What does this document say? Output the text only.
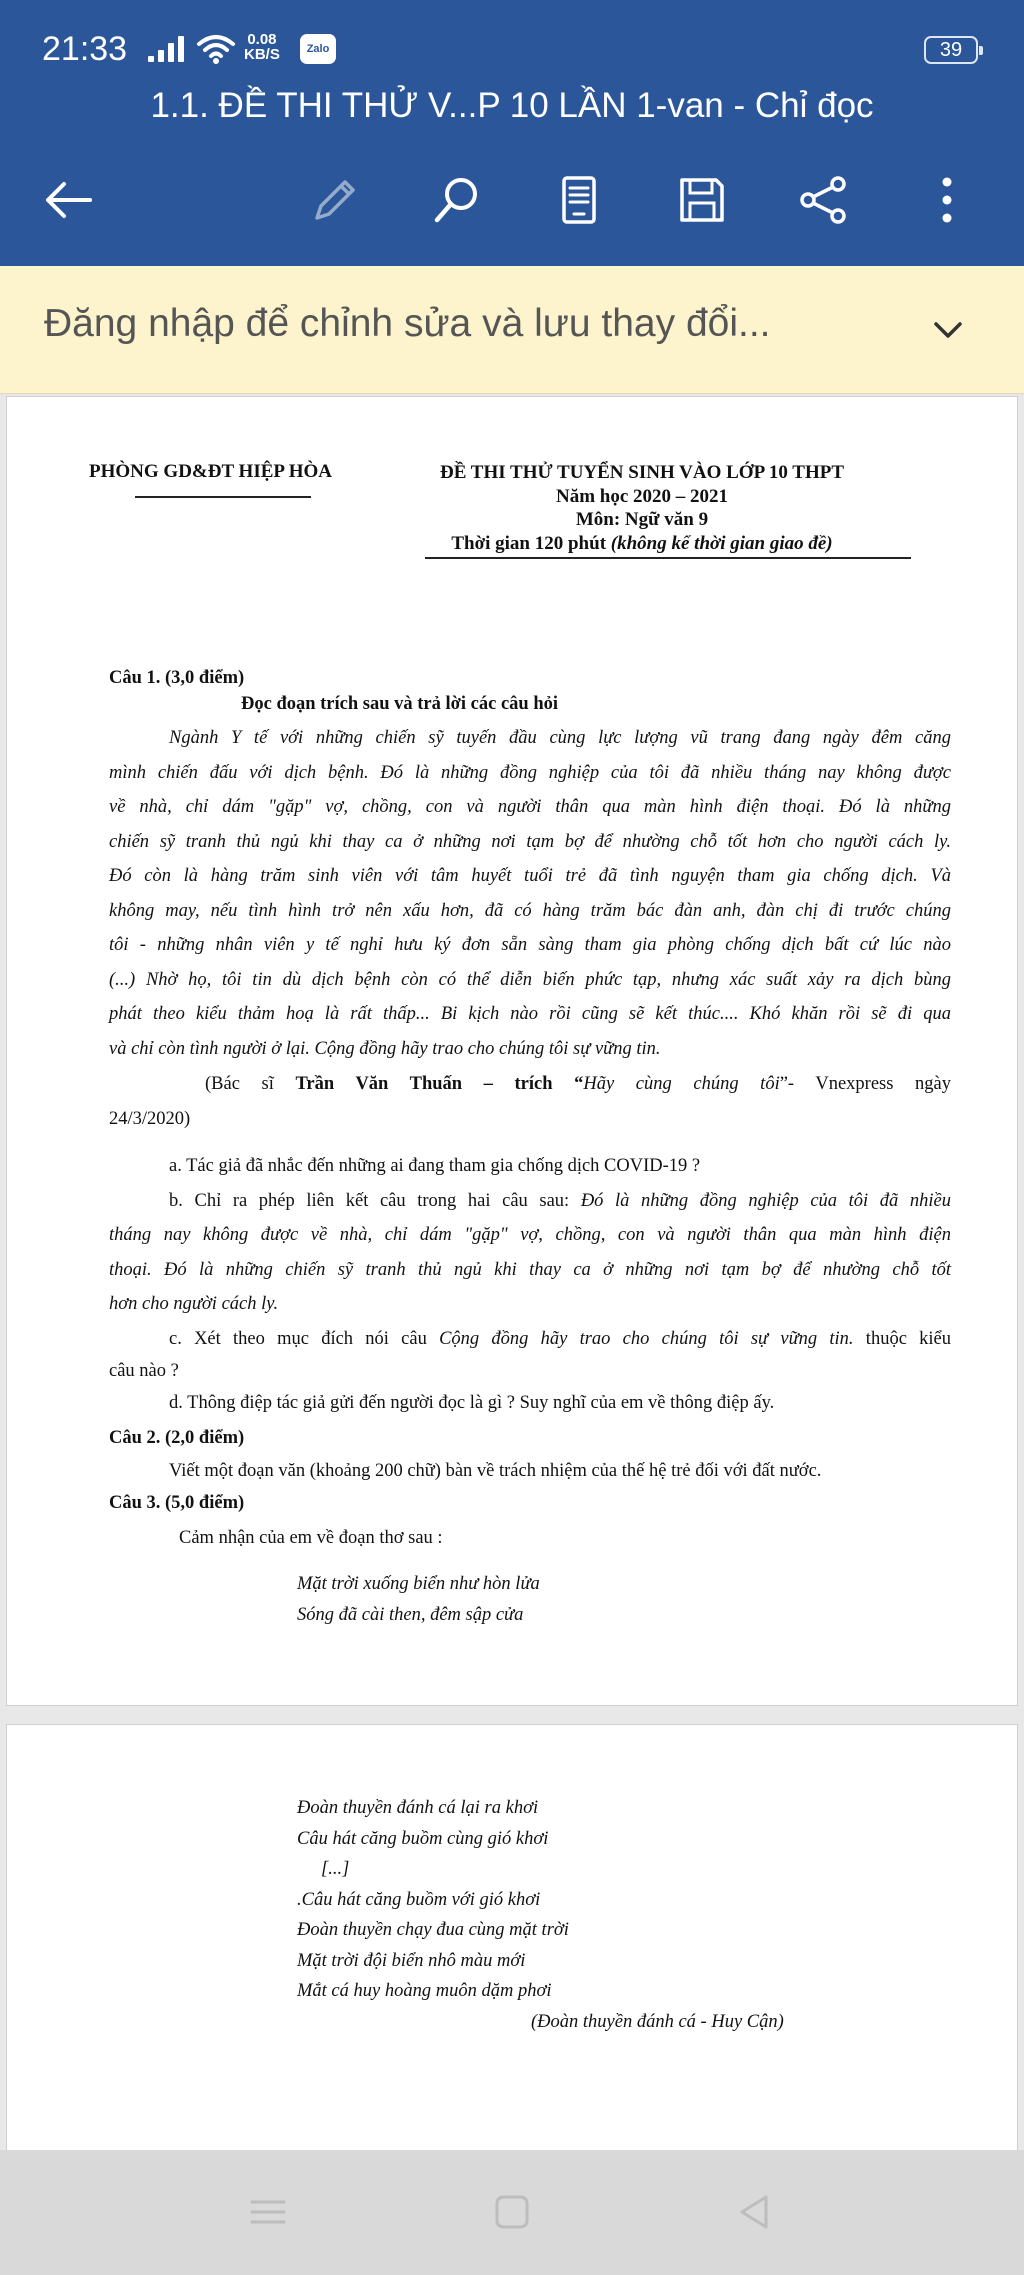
21:33	0.08
KB/S	Zalo	39
1.1. ĐỀ THI THỬ V...P 10 LẦN 1-van - Chỉ đọc
Đăng nhập để chỉnh sửa và lưu thay đổi...
PHÒNG GD&ĐT HIỆP HÒA	ĐỀ THI THỬ TUYỂN SINH VÀO LỚP 10 THPT
Năm học 2020 – 2021
Môn: Ngữ văn 9
Thời gian 120 phút (không kể thời gian giao đề)

Câu 1. (3,0 điểm)

Đọc đoạn trích sau và trả lời các câu hỏi

Ngành Y tế với những chiến sỹ tuyến đầu cùng lực lượng vũ trang đang ngày đêm căng

mình chiến đấu với dịch bệnh. Đó là những đồng nghiệp của tôi đã nhiều tháng nay không được

về nhà, chỉ dám "gặp" vợ, chồng, con và người thân qua màn hình điện thoại. Đó là những

chiến sỹ tranh thủ ngủ khi thay ca ở những nơi tạm bợ để nhường chỗ tốt hơn cho người cách ly.

Đó còn là hàng trăm sinh viên với tâm huyết tuổi trẻ đã tình nguyện tham gia chống dịch. Và

không may, nếu tình hình trở nên xấu hơn, đã có hàng trăm bác đàn anh, đàn chị đi trước chúng

tôi - những nhân viên y tế nghỉ hưu ký đơn sẵn sàng tham gia phòng chống dịch bất cứ lúc nào

(...) Nhờ họ, tôi tin dù dịch bệnh còn có thể diễn biến phức tạp, nhưng xác suất xảy ra dịch bùng

phát theo kiểu thảm hoạ là rất thấp... Bi kịch nào rồi cũng sẽ kết thúc.... Khó khăn rồi sẽ đi qua

và chỉ còn tình người ở lại. Cộng đồng hãy trao cho chúng tôi sự vững tin.

(Bác sĩ Trần Văn Thuấn – trích “Hãy cùng chúng tôi”- Vnexpress ngày

24/3/2020)

a. Tác giả đã nhắc đến những ai đang tham gia chống dịch COVID-19 ?

b. Chỉ ra phép liên kết câu trong hai câu sau: Đó là những đồng nghiệp của tôi đã nhiều

tháng nay không được về nhà, chỉ dám "gặp" vợ, chồng, con và người thân qua màn hình điện

thoại. Đó là những chiến sỹ tranh thủ ngủ khi thay ca ở những nơi tạm bợ để nhường chỗ tốt

hơn cho người cách ly.

c. Xét theo mục đích nói câu Cộng đồng hãy trao cho chúng tôi sự vững tin. thuộc kiểu

câu nào ?

d. Thông điệp tác giả gửi đến người đọc là gì ? Suy nghĩ của em về thông điệp ấy.

Câu 2. (2,0 điểm)

Viết một đoạn văn (khoảng 200 chữ) bàn về trách nhiệm của thế hệ trẻ đối với đất nước.

Câu 3. (5,0 điểm)

Cảm nhận của em về đoạn thơ sau :

Mặt trời xuống biển như hòn lửa
Sóng đã cài then, đêm sập cửa
Đoàn thuyền đánh cá lại ra khơi
Câu hát căng buồm cùng gió khơi
[...]
.Câu hát căng buồm với gió khơi
Đoàn thuyền chạy đua cùng mặt trời
Mặt trời đội biển nhô màu mới
Mắt cá huy hoàng muôn dặm phơi
(Đoàn thuyền đánh cá - Huy Cận)
